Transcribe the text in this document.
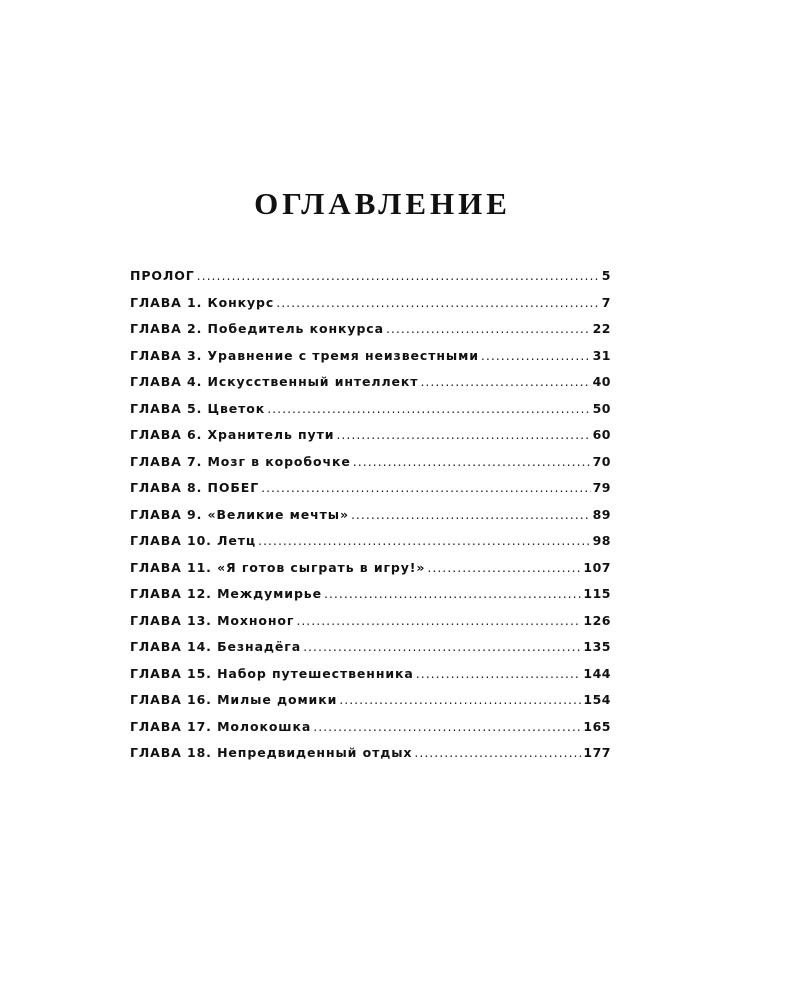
ОГЛАВЛЕНИЕ
ПРОЛОГ .....	5
ГЛАВА 1. Конкурс .....	7
ГЛАВА 2. Победитель конкурса .....	22
ГЛАВА 3. Уравнение с тремя неизвестными .....	31
ГЛАВА 4. Искусственный интеллект .....	40
ГЛАВА 5. Цветок .....	50
ГЛАВА 6. Хранитель пути .....	60
ГЛАВА 7. Мозг в коробочке .....	70
ГЛАВА 8. ПОБЕГ .....	79
ГЛАВА 9. «Великие мечты» .....	89
ГЛАВА 10. Летц .....	98
ГЛАВА 11. «Я готов сыграть в игру!» .....	107
ГЛАВА 12. Междумирье .....	115
ГЛАВА 13. Мохноног .....	126
ГЛАВА 14. Безнадёга .....	135
ГЛАВА 15. Набор путешественника .....	144
ГЛАВА 16. Милые домики .....	154
ГЛАВА 17. Молокошка .....	165
ГЛАВА 18. Непредвиденный отдых .....	177
